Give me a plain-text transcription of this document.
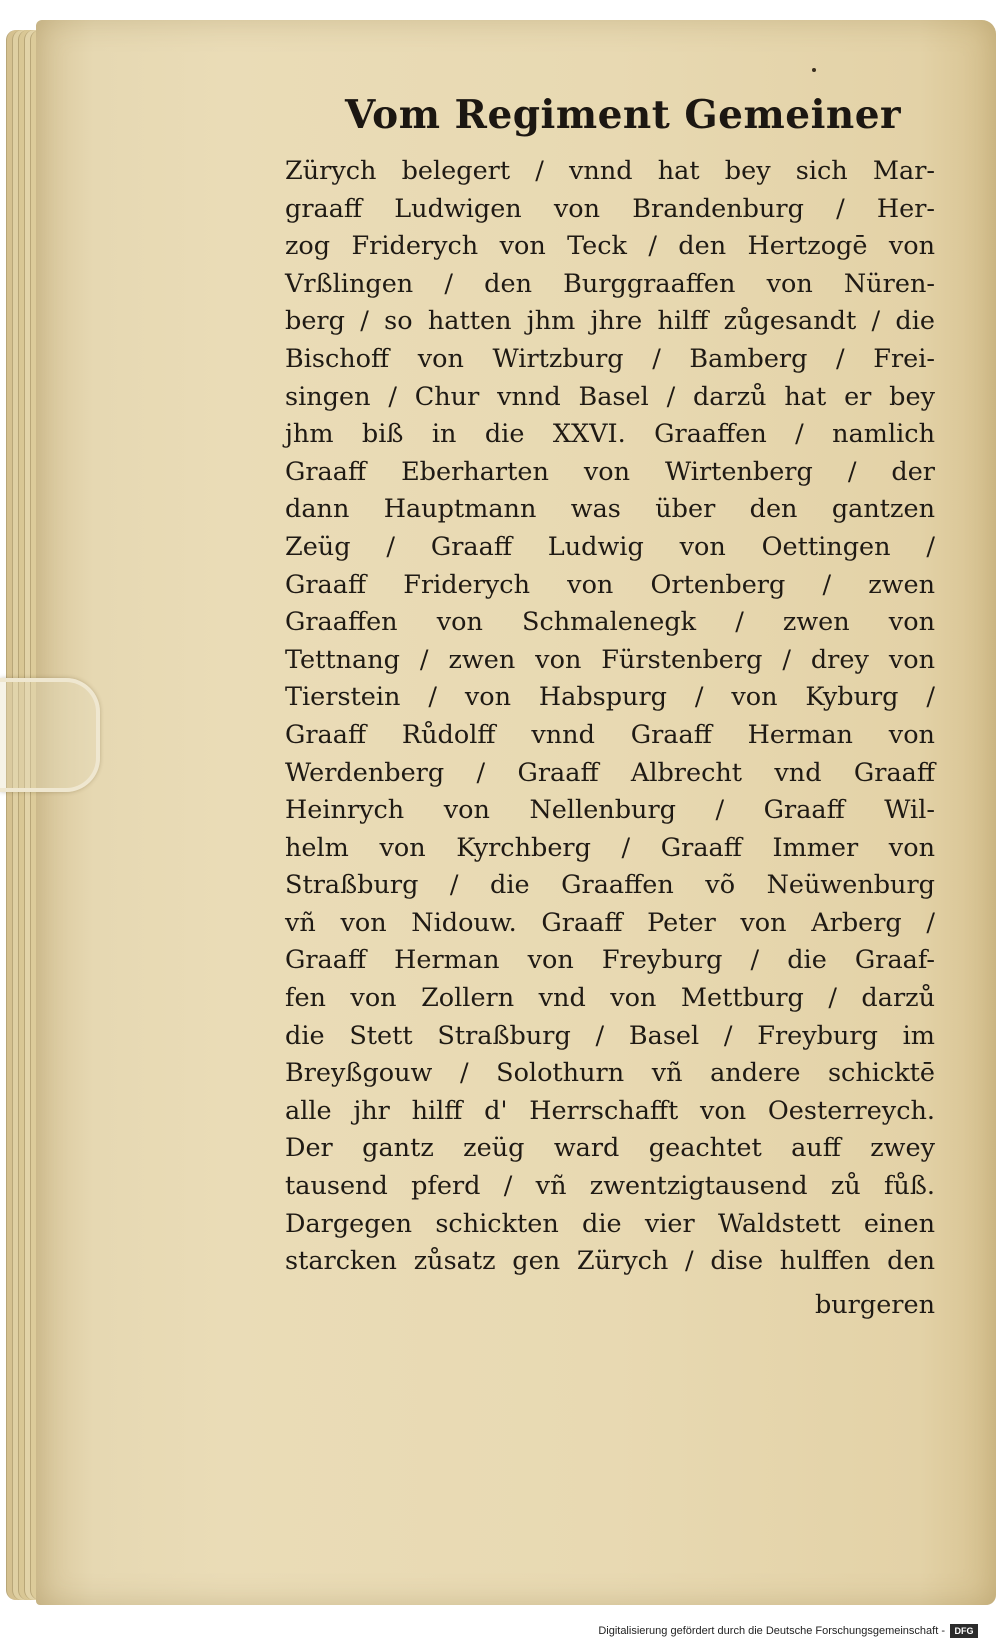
Vom Regiment Gemeiner
Zürych belegert / vnnd hat bey sich Mar-
graaff Ludwigen von Brandenburg / Her-
zog Friderych von Teck / den Hertzogē von
Vrßlingen / den Burggraaffen von Nüren-
berg / so hatten jhm jhre hilff zůgesandt / die
Bischoff von Wirtzburg / Bamberg / Frei-
singen / Chur vnnd Basel / darzů hat er bey
jhm biß in die XXVI. Graaffen / namlich
Graaff Eberharten von Wirtenberg / der
dann Hauptmann was über den gantzen
Zeüg / Graaff Ludwig von Oettingen /
Graaff Friderych von Ortenberg / zwen
Graaffen von Schmalenegk / zwen von
Tettnang / zwen von Fürstenberg / drey von
Tierstein / von Habspurg / von Kyburg /
Graaff Růdolff vnnd Graaff Herman von
Werdenberg / Graaff Albrecht vnd Graaff
Heinrych von Nellenburg / Graaff Wil-
helm von Kyrchberg / Graaff Immer von
Straßburg / die Graaffen võ Neüwenburg
vñ von Nidouw. Graaff Peter von Arberg /
Graaff Herman von Freyburg / die Graaf-
fen von Zollern vnd von Mettburg / darzů
die Stett Straßburg / Basel / Freyburg im
Breyßgouw / Solothurn vñ andere schicktē
alle jhr hilff d' Herrschafft von Oesterreych.
Der gantz zeüg ward geachtet auff zwey
tausend pferd / vñ zwentzigtausend zů fůß.
Dargegen schickten die vier Waldstett einen
starcken zůsatz gen Zürych / dise hulffen den
burgeren
Digitalisierung gefördert durch die Deutsche Forschungsgemeinschaft -	DFG
